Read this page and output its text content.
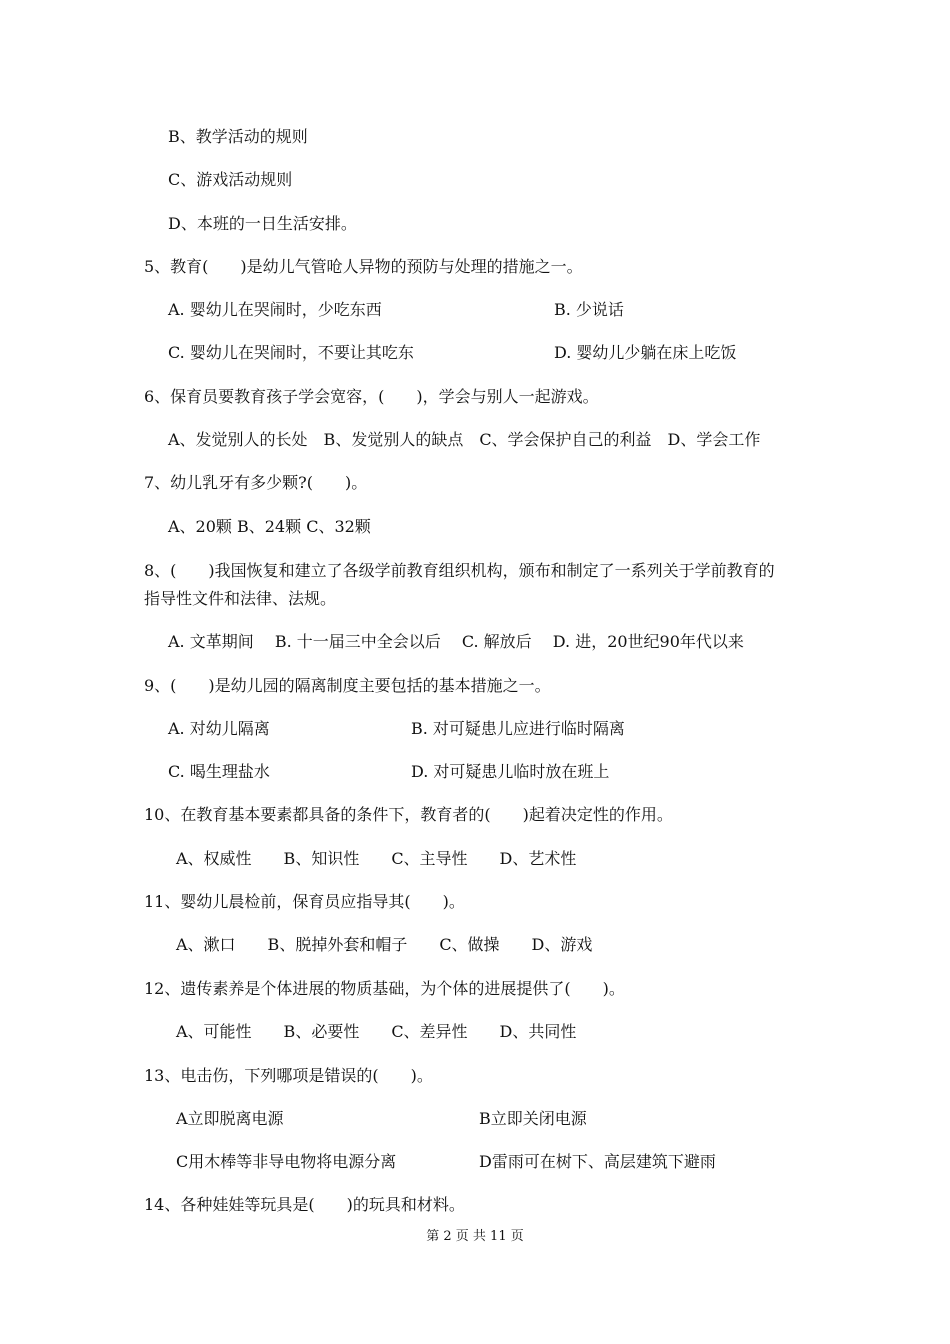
B、教学活动的规则
C、游戏活动规则
D、本班的一日生活安排。
5、教育(　　)是幼儿气管呛人异物的预防与处理的措施之一。
A. 婴幼儿在哭闹时，少吃东西	B. 少说话
C. 婴幼儿在哭闹时，不要让其吃东	D. 婴幼儿少躺在床上吃饭
6、保育员要教育孩子学会宽容，(　　)，学会与别人一起游戏。
A、发觉别人的长处　B、发觉别人的缺点　C、学会保护自己的利益　D、学会工作
7、幼儿乳牙有多少颗?(　　)。
A、20颗 B、24颗 C、32颗
8、(　　)我国恢复和建立了各级学前教育组织机构，颁布和制定了一系列关于学前教育的
指导性文件和法律、法规。
A. 文革期间　 B. 十一届三中全会以后　 C. 解放后　 D. 进，20世纪90年代以来
9、(　　)是幼儿园的隔离制度主要包括的基本措施之一。
A. 对幼儿隔离	B. 对可疑患儿应进行临时隔离
C. 喝生理盐水	D. 对可疑患儿临时放在班上
10、在教育基本要素都具备的条件下，教育者的(　　)起着决定性的作用。
A、权威性　　B、知识性　　C、主导性　　D、艺术性
11、婴幼儿晨检前，保育员应指导其(　　)。
A、漱口　　B、脱掉外套和帽子　　C、做操　　D、游戏
12、遗传素养是个体进展的物质基础，为个体的进展提供了(　　)。
A、可能性　　B、必要性　　C、差异性　　D、共同性
13、电击伤，下列哪项是错误的(　　)。
A立即脱离电源	B立即关闭电源
C用木棒等非导电物将电源分离	D雷雨可在树下、高层建筑下避雨
14、各种娃娃等玩具是(　　)的玩具和材料。
第 2 页 共 11 页
